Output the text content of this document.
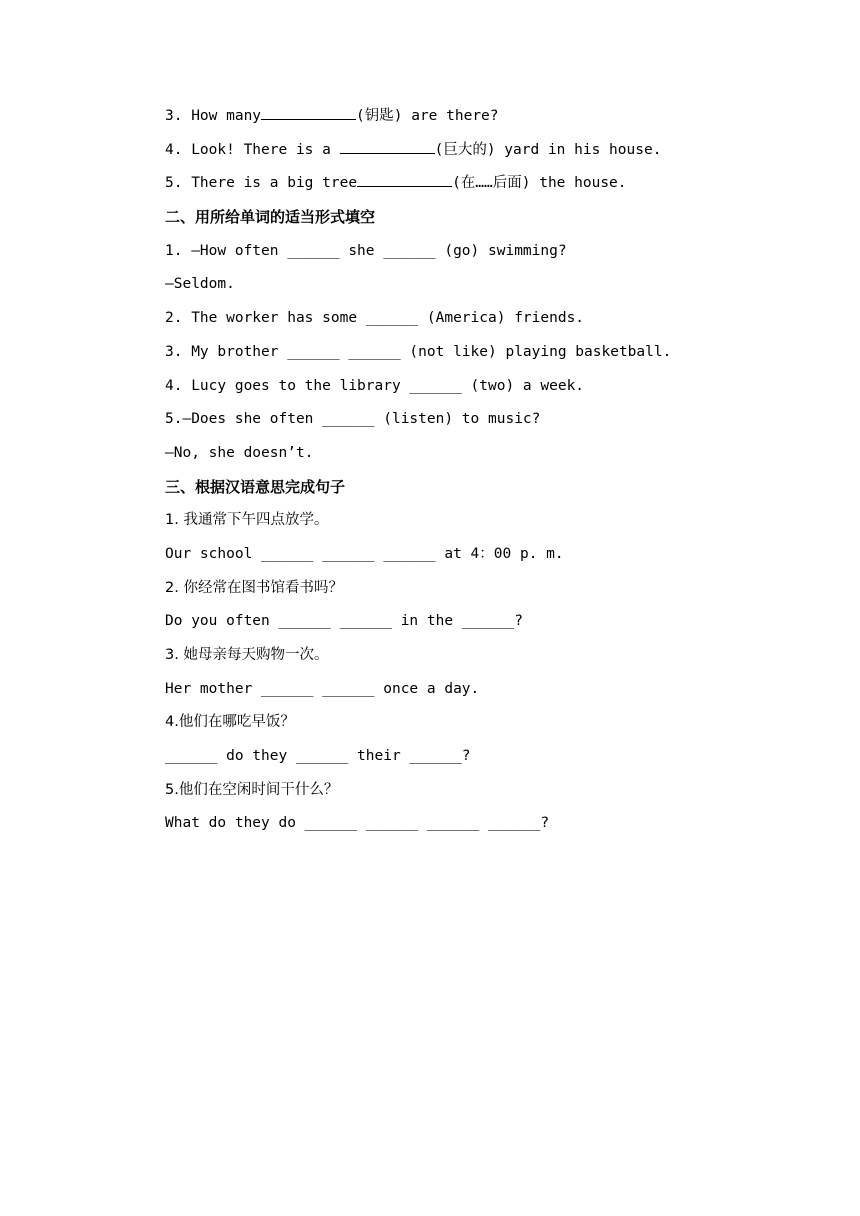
3. How many	(钥匙) are there?
4. Look! There is a	(巨大的) yard in his house.
5. There is a big tree	(在……后面) the house.
二、用所给单词的适当形式填空
1. —How often ______ she ______ (go) swimming?
—Seldom.
2. The worker has some ______ (America) friends.
3. My brother ______ ______ (not like) playing basketball.
4. Lucy goes to the library ______ (two) a week.
5.—Does she often ______ (listen) to music?
—No, she doesn’t.
三、根据汉语意思完成句子
1. 我通常下午四点放学。
Our school ______ ______ ______ at 4：00 p. m.
2. 你经常在图书馆看书吗？
Do you often ______ ______ in the ______?
3. 她母亲每天购物一次。
Her mother ______ ______ once a day.
4.他们在哪吃早饭？
______ do they ______ their ______?
5.他们在空闲时间干什么？
What do they do ______ ______ ______ ______?
